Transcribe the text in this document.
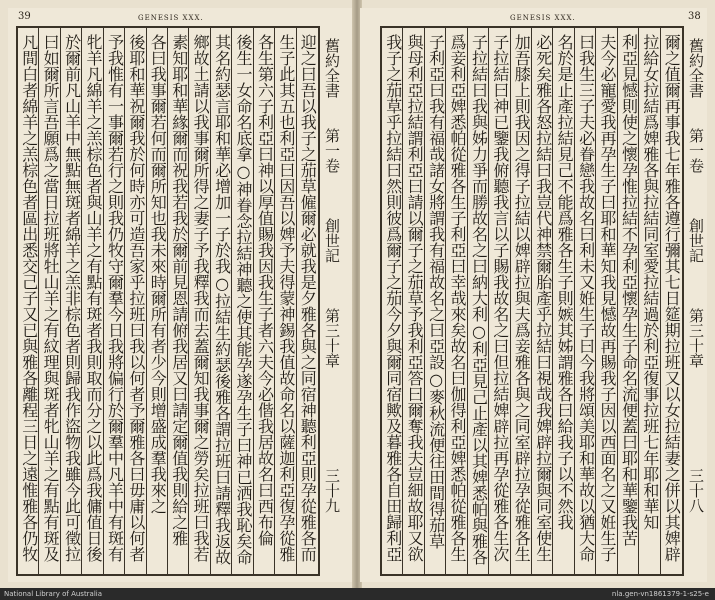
39	GENESIS XXX.
迎之曰吾以我子之茄草僱爾必就我是夕雅各與之同宿神聽利亞則孕從雅各而
生子此其五也利亞曰因吾以婢予夫得蒙神錫我值故命名以薩迦利亞復孕從雅
各生第六子利亞曰神以厚值賜我因我生子者六夫今必偕我居故名曰西布倫
後生一女命名底拿○神眷念拉結神聽之使其能孕遂孕生子曰神已洒我恥矣命
其名約瑟言耶和華必增加一子於我○拉結生約瑟後雅各謂拉班曰請釋我返故
鄉故土請以我事爾所得之妻子予我釋我而去蓋爾知我事爾之勞矣拉班曰我若
素知耶和華緣爾而祝我若我於爾前見恩請俯我居又曰請定爾值我則給之雅
各曰我事爾若何而爾所知也我未來時爾所有者少今則增盛成羣我來之
後耶和華祝爾我於何時亦可造吾家乎拉班曰我以何者予爾雅各曰毋庸以何者
予我惟有一事爾若行之則我仍牧守爾羣今日我將偏行於爾羣中凡羊中有斑有
牝羊凡綿羊之羔棕色者與山羊之有點有斑者我則取而分之以此爲我傭值日後
於爾前凡山羊中無點無斑者綿羊之羔非棕色者則歸我作盜物我雖今此可徵拉
曰如爾所言吾願爲之當日拉班將牡山羊之有紋理與斑者牝山羊之有點有斑及
凡間白者綿羊之羔棕色者區出悉交己子又已與雅各離程三日之遠惟雅各仍牧	舊約全書
第一卷
創世記
第三十章
三十九
GENESIS XXX.	38
爾之值爾再事我七年雅各遵行彌其七日筵期拉班又以女拉結妻之併以其婢辟
拉給女拉結爲婢雅各與拉結同室愛拉結過於利亞復事拉班七年耶和華知
利亞見憾則使之懷孕惟拉結不孕利亞懷孕生子命名流便蓋曰耶和華鑒我苦
夫今必寵愛我再孕生子曰耶和華知我見憾故再賜我子因以西面名之又姙生子
曰我生三子夫必眷戀我故名曰利未又姙生子曰今我將頌美耶和華故以猶大命
名於是止產拉結見己不能爲雅各生子則嫉其姊謂雅各曰給我子以不然我
必死矣雅各怒拉結曰我豈代神禁爾胎產乎拉結曰視哉我婢辟拉爾與同室使生
加吾膝上則我因之得子拉結以婢辟拉與夫爲妾雅各與之同室辟拉孕從雅各生
子拉結曰神已鑒我俯聽我言以子賜我故名之曰但拉結婢辟拉再孕從雅各生次
子拉結曰我與姊力爭而勝故名之曰納大利○利亞見己止產以其婢悉帕與雅各
爲妾利亞婢悉帕從雅各生子利亞曰幸哉來矣故名曰伽得利亞婢悉帕從雅各生
子利亞曰我有福哉諸女將謂我有福故名之曰亞設○麥秋流便往田間得茄草
與母利亞拉結謂利亞曰請以爾子之茄草予我利亞答曰爾奪我夫豈細故耶又欲
我子之茄草乎拉結曰然則彼爲爾子之茄今夕與爾同宿歟及暮雅各自田歸利亞
舊約全書
第一卷
創世記
第三十章
三十八
National Library of Australia	nla.gen-vn1861379-1-s25-e
